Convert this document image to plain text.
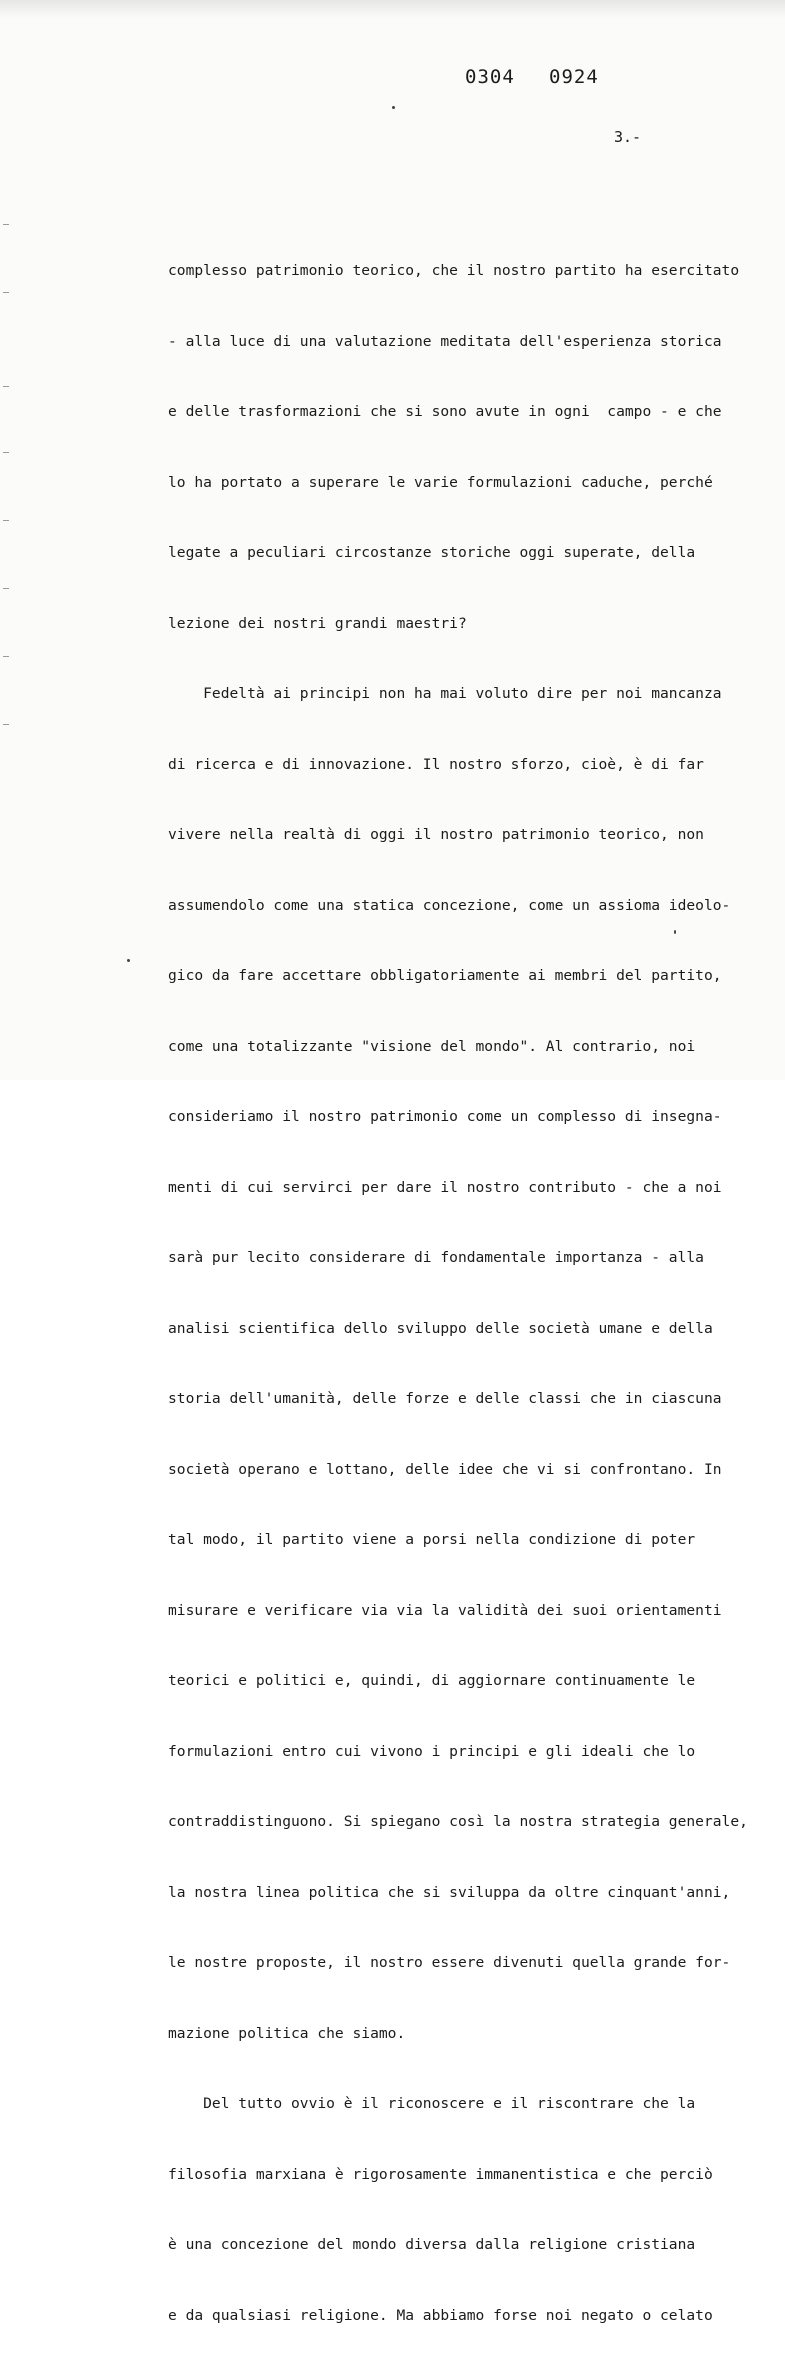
0304 0924
3.-

complesso patrimonio teorico, che il nostro partito ha esercitato

- alla luce di una valutazione meditata dell'esperienza storica

e delle trasformazioni che si sono avute in ogni  campo - e che

lo ha portato a superare le varie formulazioni caduche, perché

legate a peculiari circostanze storiche oggi superate, della

lezione dei nostri grandi maestri?

Fedeltà ai principi non ha mai voluto dire per noi mancanza

di ricerca e di innovazione. Il nostro sforzo, cioè, è di far

vivere nella realtà di oggi il nostro patrimonio teorico, non

assumendolo come una statica concezione, come un assioma ideolo-

gico da fare accettare obbligatoriamente ai membri del partito,

come una totalizzante "visione del mondo". Al contrario, noi

consideriamo il nostro patrimonio come un complesso di insegna-

menti di cui servirci per dare il nostro contributo - che a noi

sarà pur lecito considerare di fondamentale importanza - alla

analisi scientifica dello sviluppo delle società umane e della

storia dell'umanità, delle forze e delle classi che in ciascuna

società operano e lottano, delle idee che vi si confrontano. In

tal modo, il partito viene a porsi nella condizione di poter

misurare e verificare via via la validità dei suoi orientamenti

teorici e politici e, quindi, di aggiornare continuamente le

formulazioni entro cui vivono i principi e gli ideali che lo

contraddistinguono. Si spiegano così la nostra strategia generale,

la nostra linea politica che si sviluppa da oltre cinquant'anni,

le nostre proposte, il nostro essere divenuti quella grande for-

mazione politica che siamo.

Del tutto ovvio è il riconoscere e il riscontrare che la

filosofia marxiana è rigorosamente immanentistica e che perciò

è una concezione del mondo diversa dalla religione cristiana

e da qualsiasi religione. Ma abbiamo forse noi negato o celato
